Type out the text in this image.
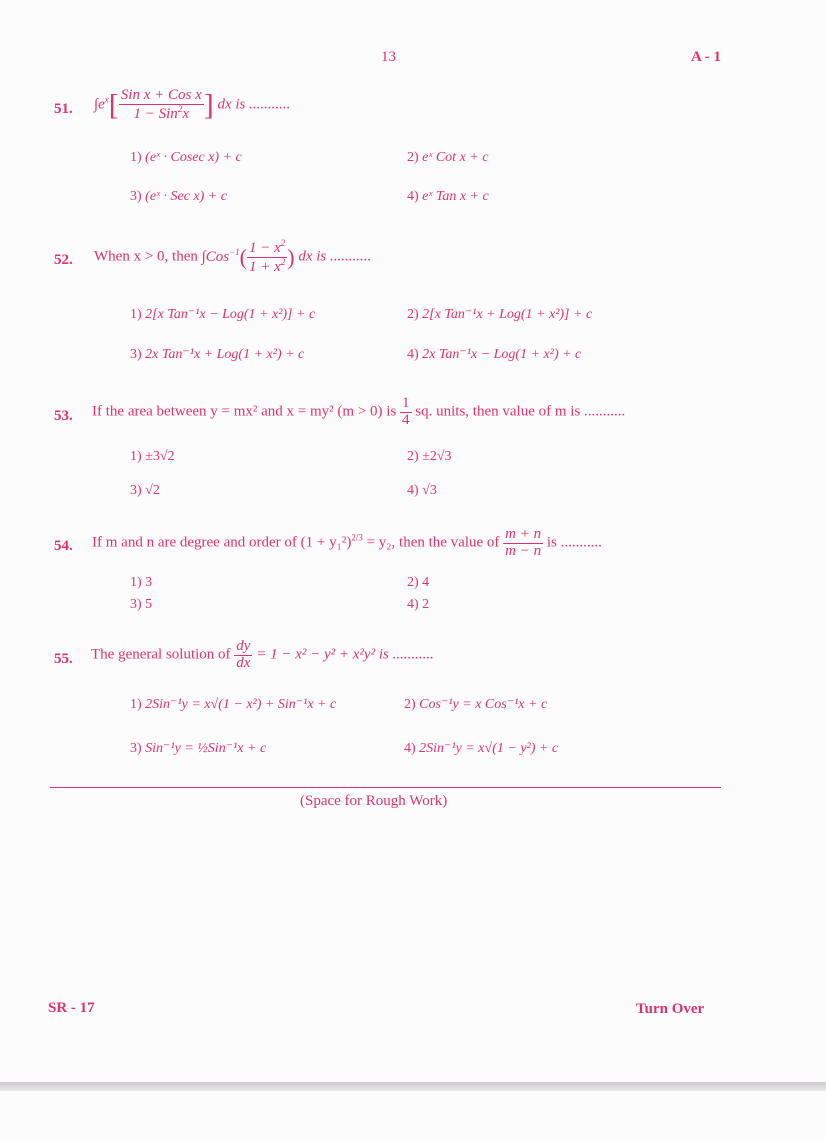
13	A - 1
51. $\int e^x[ \frac{\text{Sin x + Cos x}}{1 - Sin^2x}$ ] dx is ...........
1) (eˣ · Cosec x) + c	2) eˣ Cot x + c
3) (eˣ · Sec x) + c	4) eˣ Tan x + c
52. When x > 0, then $\int Cos^{-1}( \frac{1 - x^2}{1 + x^2}$ ) dx is ...........
1) 2[x Tan⁻¹x − Log(1 + x²)] + c	2) 2[x Tan⁻¹x + Log(1 + x²)] + c
3) 2x Tan⁻¹x + Log(1 + x²) + c	4) 2x Tan⁻¹x − Log(1 + x²) + c
53. If the area between y = mx² and x = my² (m > 0) is $\frac{1}{4}$ sq. units, then value of m is ...........
1) ±3√2	2) ±2√3
3) √2	4) √3
54. If m and n are degree and order of $(1 + y_1^2)^{2/3} = y_2$, then the value of $\frac{m + n}{m - n}$ is ...........
1) 3	2) 4
3) 5	4) 2
55. The general solution of $\frac{dy}{dx} = 1 - x^2 - y^2 + x^2y^2$ is ...........
1) 2Sin⁻¹y = x√(1 − x²) + Sin⁻¹x + c	2) Cos⁻¹y = x Cos⁻¹x + c
3) Sin⁻¹y = ½Sin⁻¹x + c	4) 2Sin⁻¹y = x√(1 − y²) + c
(Space for Rough Work)
SR - 17	Turn Over
